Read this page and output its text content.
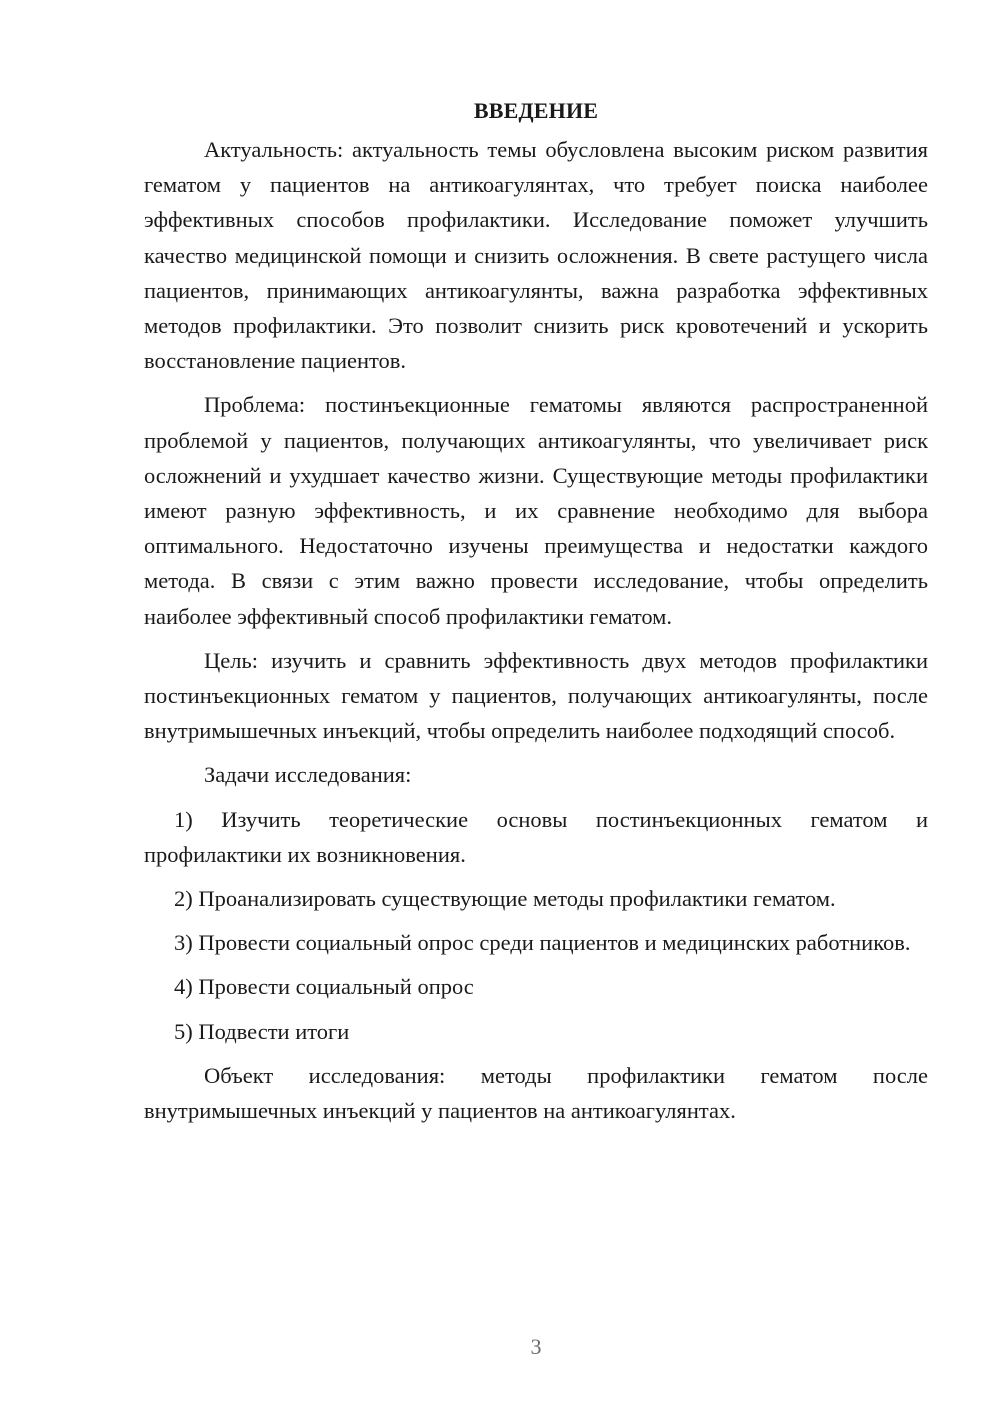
ВВЕДЕНИЕ

Актуальность: актуальность темы обусловлена высоким риском развития гематом у пациентов на антикоагулянтах, что требует поиска наиболее эффективных способов профилактики. Исследование поможет улучшить качество медицинской помощи и снизить осложнения. В свете растущего числа пациентов, принимающих антикоагулянты, важна разработка эффективных методов профилактики. Это позволит снизить риск кровотечений и ускорить восстановление пациентов.

Проблема: постинъекционные гематомы являются распространенной проблемой у пациентов, получающих антикоагулянты, что увеличивает риск осложнений и ухудшает качество жизни. Существующие методы профилактики имеют разную эффективность, и их сравнение необходимо для выбора оптимального. Недостаточно изучены преимущества и недостатки каждого метода. В связи с этим важно провести исследование, чтобы определить наиболее эффективный способ профилактики гематом.

Цель: изучить и сравнить эффективность двух методов профилактики постинъекционных гематом у пациентов, получающих антикоагулянты, после внутримышечных инъекций, чтобы определить наиболее подходящий способ.

Задачи исследования:

1) Изучить теоретические основы постинъекционных гематом и профилактики их возникновения.

2) Проанализировать существующие методы профилактики гематом.

3) Провести социальный опрос среди пациентов и медицинских работников.

4) Провести социальный опрос

5) Подвести итоги

Объект исследования: методы профилактики гематом после внутримышечных инъекций у пациентов на антикоагулянтах.

3
